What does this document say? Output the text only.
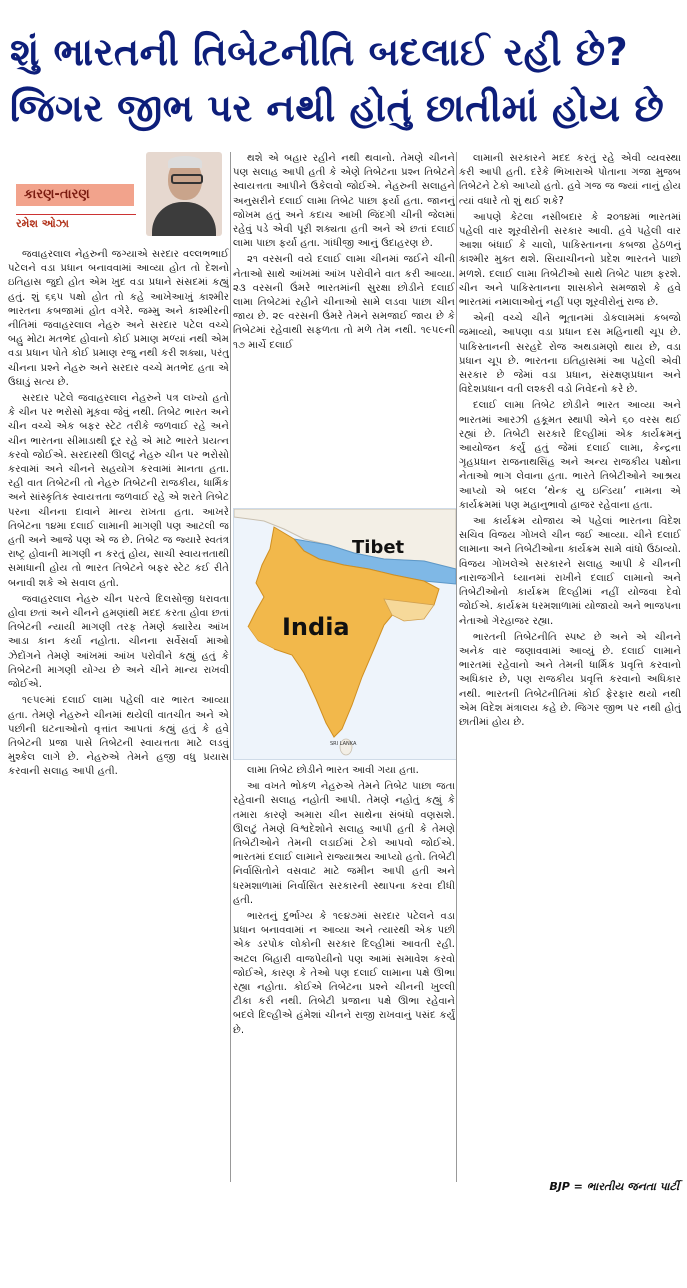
શું ભારતની તિબેટનીતિ બદલાઈ રહી છે?
જિગર જીભ પર નથી હોતું છાતીમાં હોય છે
કારણ-તારણ
રમેશ ઓઝા

જવાહરલાલ નેહરુની જગ્યાએ સરદાર વલ્લભભાઈ પટેલને વડા પ્રધાન બનાવવામાં આવ્યા હોત તો દેશનો ઇતિહાસ જુદો હોત એમ ખુદ વડા પ્રધાને સંસદમાં કહ્યું હતું. શું ૬૬૫ પક્ષો હોત તો કહે આખેઆખું કાશ્મીર ભારતના કબજામાં હોત વગેરે. જમ્મુ અને કાશ્મીરની નીતિમાં જવાહરલાલ નેહરુ અને સરદાર પટેલ વચ્ચે બહુ મોટા મતભેદ હોવાનો કોઈ પ્રમાણ મળ્યાં નથી એમ વડા પ્રધાન પોતે કોઈ પ્રમાણ રજુ નથી કરી શક્યા, પરંતુ ચીનના પ્રશ્ને નેહરુ અને સરદાર વચ્ચે મતભેદ હતા એ ઉઘાડું સત્ય છે.

સરદાર પટેલે જવાહરલાલ નેહરુને પત્ર લખ્યો હતો કે ચીન પર ભરોસો મૂકવા જેવું નથી. તિબેટ ભારત અને ચીન વચ્ચે એક બફર સ્ટેટ તરીકે જળવાઈ રહે અને ચીન ભારતના સીમાડાથી દૂર રહે એ માટે ભારતે પ્રયત્ન કરવો જોઈએ. સરદારથી ઊલટું નેહરુ ચીન પર ભરોસો કરવામાં અને ચીનને સહયોગ કરવામાં માનતા હતા. રહી વાત તિબેટની તો નેહરુ તિબેટની રાજકીય, ધાર્મિક અને સાંસ્કૃતિક સ્વાયત્તતા જળવાઈ રહે એ શરતે તિબેટ પરના ચીનના દાવાને માન્ય રાખતા હતા. આખરે તિબેટના ૧૪મા દલાઈ લામાની માગણી પણ આટલી જ હતી અને આજે પણ એ જ છે. તિબેટ જ જ્યારે સ્વતંત્ર રાષ્ટ્ર હોવાની માગણી ન કરતું હોય, સાચી સ્વાયત્તતાથી સમાધાની હોય તો ભારત તિબેટને બફર સ્ટેટ કઈ રીતે બનાવી શકે એ સવાલ હતો.

જવાહરલાલ નેહરુ ચીન પરત્વે દિલસોજી ધરાવતા હોવા છતાં અને ચીનને હમણાંથી મદદ કરતા હોવા છતાં તિબેટની ન્યાયી માગણી તરફ તેમણે ક્યારેય આંખ આડા કાન કર્યા નહોતા. ચીનના સર્વેસર્વા માઓ ઝેદોંગને તેમણે આંખમાં આંખ પરોવીને કહ્યું હતું કે તિબેટની માગણી યોગ્ય છે અને ચીને માન્ય રાખવી જોઈએ.

૧૯૫૯માં દલાઈ લામા પહેલી વાર ભારત આવ્યા હતા. તેમણે નેહરુને ચીનમાં થયેલી વાતચીત અને એ પછીની ઘટનાઓનો વૃત્તાંત આપતાં કહ્યું હતું કે હવે તિબેટની પ્રજા પાસે તિબેટની સ્વાયત્તતા માટે લડવું મુશ્કેલ લાગે છે. નેહરુએ તેમને હજી વધુ પ્રયાસ કરવાની સલાહ આપી હતી.

થશે એ બહાર રહીને નથી થવાનો. તેમણે ચીનને પણ સલાહ આપી હતી કે એણે તિબેટના પ્રશ્ન તિબેટને સ્વાયત્તતા આપીને ઉકેલવો જોઈએ. નેહરુની સલાહને અનુસરીને દલાઈ લામા તિબેટ પાછા ફર્યા હતા. જાનનું જોખમ હતું અને કદાચ આખી જિંદગી ચીની જેલમાં રહેવું પડે એવી પૂરી શક્યતા હતી અને એ છતાં દલાઈ લામા પાછા ફર્યા હતા. ગાંધીજી આનું ઉદાહરણ છે.

૨૧ વરસની વયે દલાઈ લામા ચીનમાં જઈને ચીની નેતાઓ સાથે આંખમાં આંખ પરોવીને વાત કરી આવ્યા. ૨૩ વરસની ઉંમરે ભારતમાંની સુરક્ષા છોડીને દલાઈ લામા તિબેટમાં રહીને ચીનાઓ સામે લડવા પાછા ચીન જાય છે. ૨૯ વરસની ઉંમરે તેમને સમજાઈ જાય છે કે તિબેટમાં રહેવાથી સફળતા તો મળે તેમ નથી. ૧૯૫૯ની ૧૭ માર્ચે દલાઈ

લામા તિબેટ છોડીને ભારત આવી ગયા હતા.

આ વખતે ભોકળ નેહરુએ તેમને તિબેટ પાછા જતા રહેવાની સલાહ નહોતી આપી. તેમણે નહોતું કહ્યું કે તમારા કારણે અમારા ચીન સાથેના સંબંધો વણસશે. ઊલટું તેમણે વિશ્વદેશોને સલાહ આપી હતી કે તેમણે તિબેટીઓને તેમની લડાઈમાં ટેકો આપવો જોઈએ. ભારતમાં દલાઈ લામાને રાજ્યાશ્રય આપ્યો હતો. તિબેટી નિર્વાસિતોને વસવાટ માટે જમીન આપી હતી અને ધરમશાળામાં નિર્વાસિત સરકારની સ્થાપના કરવા દીધી હતી.

ભારતનું દુર્ભાગ્ય કે ૧૯૪૭માં સરદાર પટેલને વડા પ્રધાન બનાવવામાં ન આવ્યા અને ત્યારથી એક પછી એક ડરપોક લોકોની સરકાર દિલ્હીમાં આવતી રહી. અટલ બિહારી વાજપેયીનો પણ આમાં સમાવેશ કરવો જોઈએ, કારણ કે તેઓ પણ દલાઈ લામાના પક્ષે ઊભા રહ્યા નહોતા. કોઈએ તિબેટના પ્રશ્ને ચીનની ખુલ્લી ટીકા કરી નથી. તિબેટી પ્રજાના પક્ષે ઊભા રહેવાને બદલે દિલ્હીએ હંમેશાં ચીનને રાજી રાખવાનું પસંદ કર્યું છે.

Tibet
India
SRI LANKA

લામાની સરકારને મદદ કરતું રહે એવી વ્યવસ્થા કરી આપી હતી. દરેકે ભિખારાએ પોતાના ગજા મુજબ તિબેટને ટેકો આપ્યો હતો. હવે ગજ જ જ્યાં નાનું હોય ત્યાં વધારે તો શું થઈ શકે?

આપણે કેટલા નસીબદાર કે ૨૦૧૪માં ભારતમાં પહેલી વાર શૂરવીરોની સરકાર આવી. હવે પહેલી વાર આશા બંધાઈ કે ચાલો, પાકિસ્તાનના કબજા હેઠળનું કાશ્મીર મુક્ત થશે. સિયાચીનનો પ્રદેશ ભારતને પાછો મળશે. દલાઈ લામા તિબેટીઓ સાથે તિબેટ પાછા ફરશે. ચીન અને પાકિસ્તાનના શાસકોને સમજાશે કે હવે ભારતમાં નમાલાઓનું નહીં પણ શૂરવીરોનું રાજ છે.

એની વચ્ચે ચીને ભૂતાનમાં ડોકલામમાં કબજો જમાવ્યો, આપણા વડા પ્રધાન દસ મહિનાથી ચૂપ છે. પાકિસ્તાનની સરહદે રોજ અથડામણો થાય છે, વડા પ્રધાન ચૂપ છે. ભારતના ઇતિહાસમાં આ પહેલી એવી સરકાર છે જેમાં વડા પ્રધાન, સંરક્ષણપ્રધાન અને વિદેશપ્રધાન વતી લશ્કરી વડો નિવેદનો કરે છે.

દલાઈ લામા તિબેટ છોડીને ભારત આવ્યા અને ભારતમાં આરઝી હકૂમત સ્થાપી એને ૬૦ વરસ થઈ રહ્યાં છે. તિબેટી સરકારે દિલ્હીમાં એક કાર્યક્રમનું આયોજન કર્યું હતું જેમાં દલાઈ લામા, કેન્દ્રના ગૃહપ્રધાન રાજનાથસિંહ અને અન્ય રાજકીય પક્ષોના નેતાઓ ભાગ લેવાના હતા. ભારતે તિબેટીઓને આશ્રય આપ્યો એ બદલ ‘થેન્ક યુ ઇન્ડિયા’ નામના એ કાર્યક્રમમાં પણ મહાનુભાવો હાજર રહેવાના હતા.

આ કાર્યક્રમ યોજાય એ પહેલાં ભારતના વિદેશ સચિવ વિજય ગોખલે ચીન જઈ આવ્યા. ચીને દલાઈ લામાના અને તિબેટીઓના કાર્યક્રમ સામે વાંધો ઉઠાવ્યો. વિજય ગોખલેએ સરકારને સલાહ આપી કે ચીનની નારાજગીને ધ્યાનમાં રાખીને દલાઈ લામાનો અને તિબેટીઓનો કાર્યક્રમ દિલ્હીમાં નહીં યોજવા દેવો જોઈએ. કાર્યક્રમ ધરમશાળામાં યોજાયો અને ભાજપના નેતાઓ ગેરહાજર રહ્યા.

ભારતની તિબેટનીતિ સ્પષ્ટ છે અને એ ચીનને અનેક વાર જણાવવામાં આવ્યું છે. દલાઈ લામાને ભારતમાં રહેવાનો અને તેમની ધાર્મિક પ્રવૃત્તિ કરવાનો અધિકાર છે, પણ રાજકીય પ્રવૃત્તિ કરવાનો અધિકાર નથી. ભારતની તિબેટનીતિમાં કોઈ ફેરફાર થયો નથી એમ વિદેશ મંત્રાલય કહે છે. જિગર જીભ પર નથી હોતું છાતીમાં હોય છે.

BJP = ભારતીય જનતા પાર્ટી
